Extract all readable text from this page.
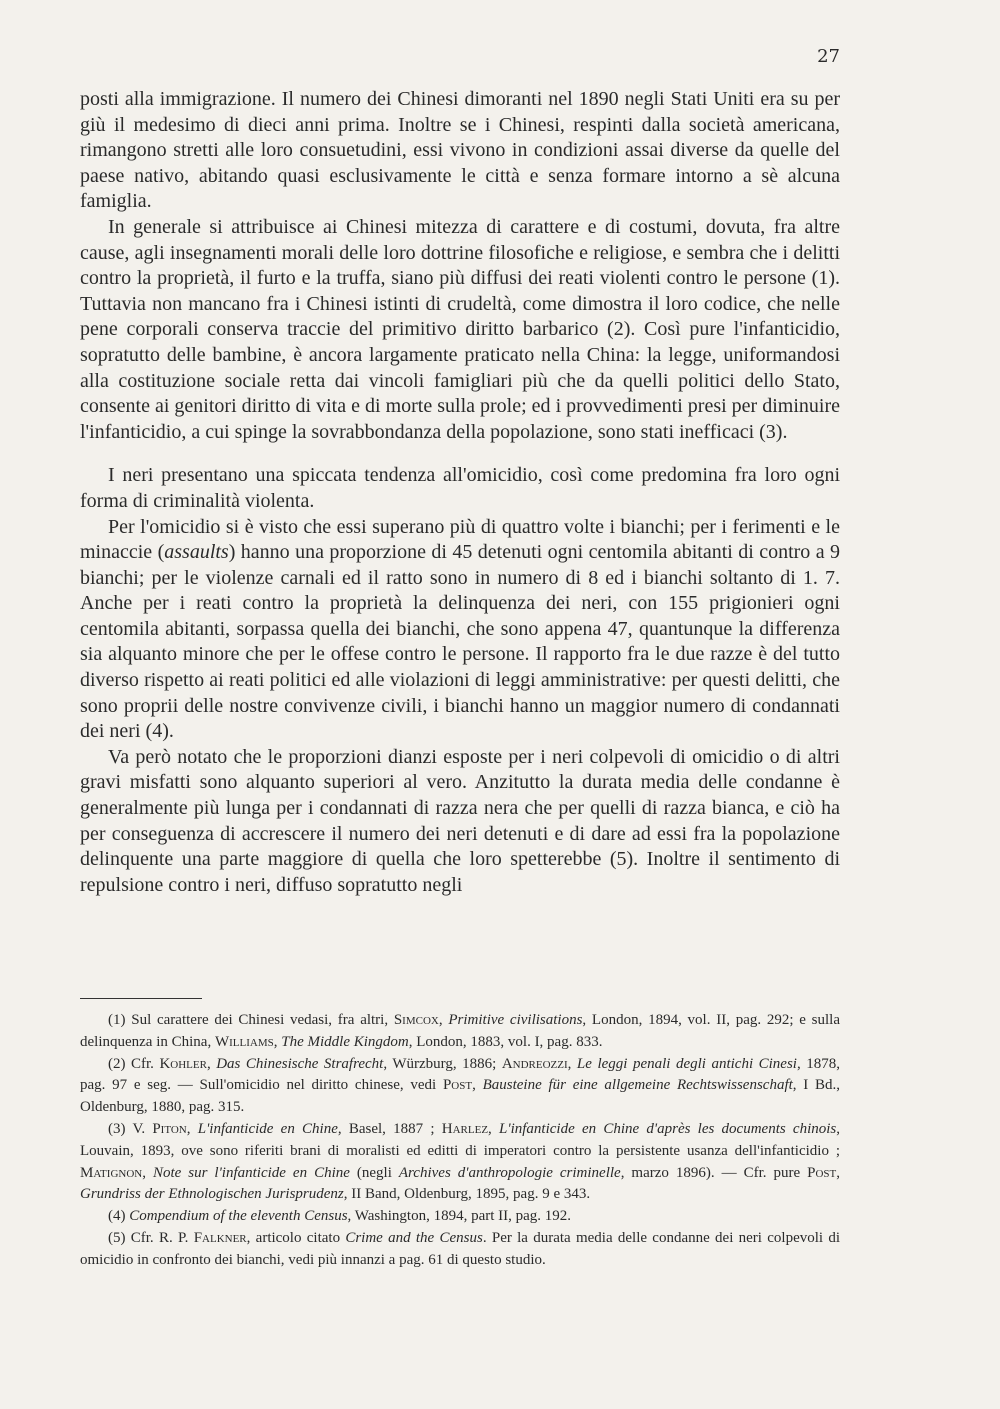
27

posti alla immigrazione. Il numero dei Chinesi dimoranti nel 1890 negli Stati Uniti era su per giù il medesimo di dieci anni prima. Inoltre se i Chinesi, respinti dalla società americana, rimangono stretti alle loro consuetudini, essi vivono in condizioni assai diverse da quelle del paese nativo, abitando quasi esclusivamente le città e senza formare intorno a sè alcuna famiglia.

In generale si attribuisce ai Chinesi mitezza di carattere e di costumi, dovuta, fra altre cause, agli insegnamenti morali delle loro dottrine filosofiche e religiose, e sembra che i delitti contro la proprietà, il furto e la truffa, siano più diffusi dei reati violenti contro le persone (1). Tuttavia non mancano fra i Chinesi istinti di crudeltà, come dimostra il loro codice, che nelle pene corporali conserva traccie del primitivo diritto barbarico (2). Così pure l'infanticidio, sopratutto delle bambine, è ancora largamente praticato nella China: la legge, uniformandosi alla costituzione sociale retta dai vincoli famigliari più che da quelli politici dello Stato, consente ai genitori diritto di vita e di morte sulla prole; ed i provvedimenti presi per diminuire l'infanticidio, a cui spinge la sovrabbondanza della popolazione, sono stati inefficaci (3).

I neri presentano una spiccata tendenza all'omicidio, così come predomina fra loro ogni forma di criminalità violenta.

Per l'omicidio si è visto che essi superano più di quattro volte i bianchi; per i ferimenti e le minaccie (assaults) hanno una proporzione di 45 detenuti ogni centomila abitanti di contro a 9 bianchi; per le violenze carnali ed il ratto sono in numero di 8 ed i bianchi soltanto di 1. 7. Anche per i reati contro la proprietà la delinquenza dei neri, con 155 prigionieri ogni centomila abitanti, sorpassa quella dei bianchi, che sono appena 47, quantunque la differenza sia alquanto minore che per le offese contro le persone. Il rapporto fra le due razze è del tutto diverso rispetto ai reati politici ed alle violazioni di leggi amministrative: per questi delitti, che sono proprii delle nostre convivenze civili, i bianchi hanno un maggior numero di condannati dei neri (4).

Va però notato che le proporzioni dianzi esposte per i neri colpevoli di omicidio o di altri gravi misfatti sono alquanto superiori al vero. Anzitutto la durata media delle condanne è generalmente più lunga per i condannati di razza nera che per quelli di razza bianca, e ciò ha per conseguenza di accrescere il numero dei neri detenuti e di dare ad essi fra la popolazione delinquente una parte maggiore di quella che loro spetterebbe (5). Inoltre il sentimento di repulsione contro i neri, diffuso sopratutto negli

(1) Sul carattere dei Chinesi vedasi, fra altri, Simcox, Primitive civilisations, London, 1894, vol. II, pag. 292; e sulla delinquenza in China, Williams, The Middle Kingdom, London, 1883, vol. I, pag. 833.

(2) Cfr. Kohler, Das Chinesische Strafrecht, Würzburg, 1886; Andreozzi, Le leggi penali degli antichi Cinesi, 1878, pag. 97 e seg. — Sull'omicidio nel diritto chinese, vedi Post, Bausteine für eine allgemeine Rechtswissenschaft, I Bd., Oldenburg, 1880, pag. 315.

(3) V. Piton, L'infanticide en Chine, Basel, 1887 ; Harlez, L'infanticide en Chine d'après les documents chinois, Louvain, 1893, ove sono riferiti brani di moralisti ed editti di imperatori contro la persistente usanza dell'infanticidio ; Matignon, Note sur l'infanticide en Chine (negli Archives d'anthropologie criminelle, marzo 1896). — Cfr. pure Post, Grundriss der Ethnologischen Jurisprudenz, II Band, Oldenburg, 1895, pag. 9 e 343.

(4) Compendium of the eleventh Census, Washington, 1894, part II, pag. 192.

(5) Cfr. R. P. Falkner, articolo citato Crime and the Census. Per la durata media delle condanne dei neri colpevoli di omicidio in confronto dei bianchi, vedi più innanzi a pag. 61 di questo studio.
